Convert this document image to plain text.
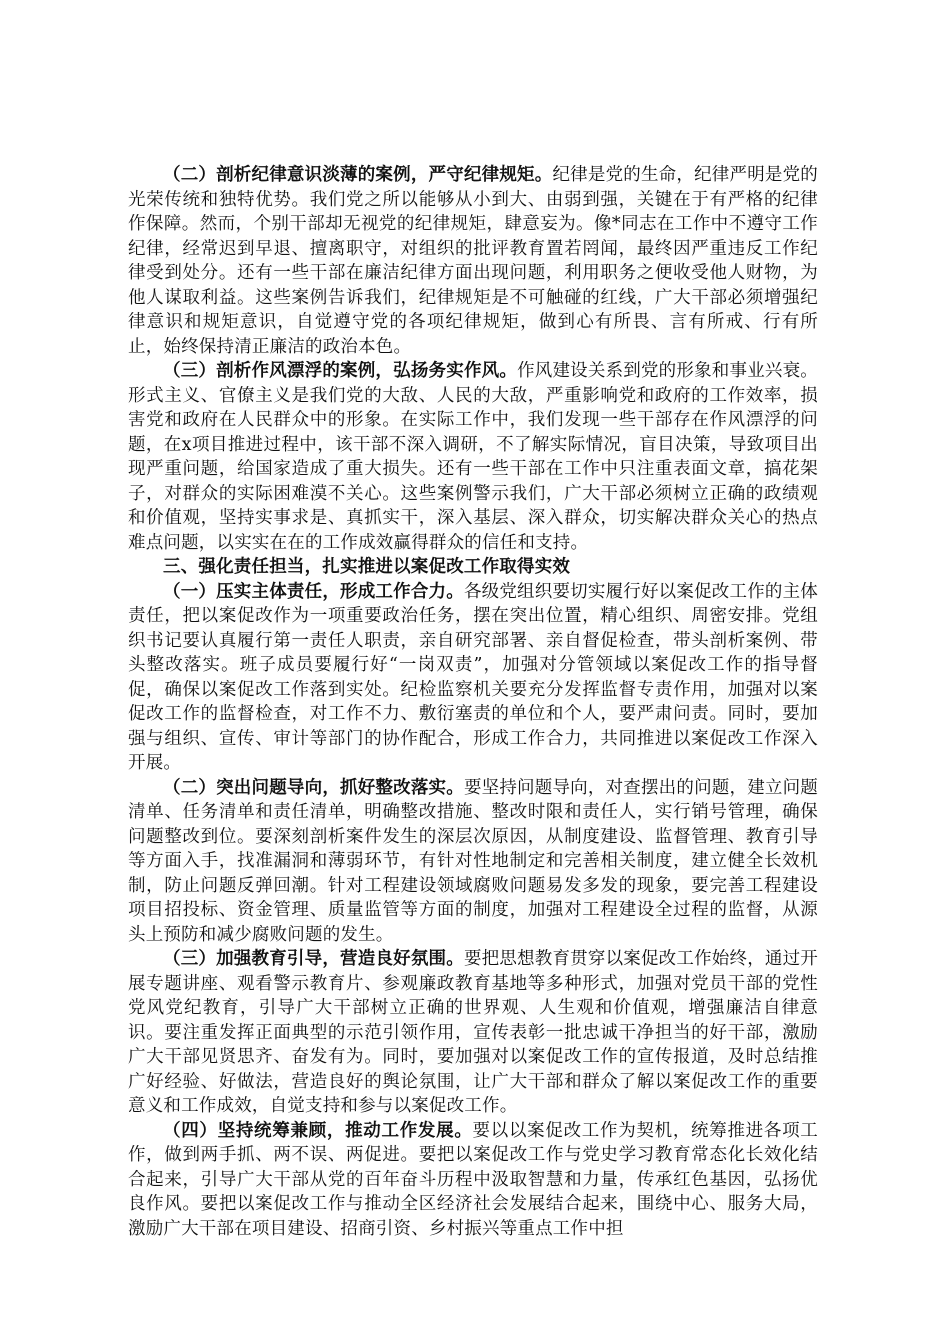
（二）剖析纪律意识淡薄的案例，严守纪律规矩。纪律是党的生命，纪律严明是党的光荣传统和独特优势。我们党之所以能够从小到大、由弱到强，关键在于有严格的纪律作保障。然而，个别干部却无视党的纪律规矩，肆意妄为。像*同志在工作中不遵守工作纪律，经常迟到早退、擅离职守，对组织的批评教育置若罔闻，最终因严重违反工作纪律受到处分。还有一些干部在廉洁纪律方面出现问题，利用职务之便收受他人财物，为他人谋取利益。这些案例告诉我们，纪律规矩是不可触碰的红线，广大干部必须增强纪律意识和规矩意识，自觉遵守党的各项纪律规矩，做到心有所畏、言有所戒、行有所止，始终保持清正廉洁的政治本色。

（三）剖析作风漂浮的案例，弘扬务实作风。作风建设关系到党的形象和事业兴衰。形式主义、官僚主义是我们党的大敌、人民的大敌，严重影响党和政府的工作效率，损害党和政府在人民群众中的形象。在实际工作中，我们发现一些干部存在作风漂浮的问题，在x项目推进过程中，该干部不深入调研，不了解实际情况，盲目决策，导致项目出现严重问题，给国家造成了重大损失。还有一些干部在工作中只注重表面文章，搞花架子，对群众的实际困难漠不关心。这些案例警示我们，广大干部必须树立正确的政绩观和价值观，坚持实事求是、真抓实干，深入基层、深入群众，切实解决群众关心的热点难点问题，以实实在在的工作成效赢得群众的信任和支持。

三、强化责任担当，扎实推进以案促改工作取得实效

（一）压实主体责任，形成工作合力。各级党组织要切实履行好以案促改工作的主体责任，把以案促改作为一项重要政治任务，摆在突出位置，精心组织、周密安排。党组织书记要认真履行第一责任人职责，亲自研究部署、亲自督促检查，带头剖析案例、带头整改落实。班子成员要履行好“一岗双责”，加强对分管领域以案促改工作的指导督促，确保以案促改工作落到实处。纪检监察机关要充分发挥监督专责作用，加强对以案促改工作的监督检查，对工作不力、敷衍塞责的单位和个人，要严肃问责。同时，要加强与组织、宣传、审计等部门的协作配合，形成工作合力，共同推进以案促改工作深入开展。

（二）突出问题导向，抓好整改落实。要坚持问题导向，对查摆出的问题，建立问题清单、任务清单和责任清单，明确整改措施、整改时限和责任人，实行销号管理，确保问题整改到位。要深刻剖析案件发生的深层次原因，从制度建设、监督管理、教育引导等方面入手，找准漏洞和薄弱环节，有针对性地制定和完善相关制度，建立健全长效机制，防止问题反弹回潮。针对工程建设领域腐败问题易发多发的现象，要完善工程建设项目招投标、资金管理、质量监管等方面的制度，加强对工程建设全过程的监督，从源头上预防和减少腐败问题的发生。

（三）加强教育引导，营造良好氛围。要把思想教育贯穿以案促改工作始终，通过开展专题讲座、观看警示教育片、参观廉政教育基地等多种形式，加强对党员干部的党性党风党纪教育，引导广大干部树立正确的世界观、人生观和价值观，增强廉洁自律意识。要注重发挥正面典型的示范引领作用，宣传表彰一批忠诚干净担当的好干部，激励广大干部见贤思齐、奋发有为。同时，要加强对以案促改工作的宣传报道，及时总结推广好经验、好做法，营造良好的舆论氛围，让广大干部和群众了解以案促改工作的重要意义和工作成效，自觉支持和参与以案促改工作。

（四）坚持统筹兼顾，推动工作发展。要以以案促改工作为契机，统筹推进各项工作，做到两手抓、两不误、两促进。要把以案促改工作与党史学习教育常态化长效化结合起来，引导广大干部从党的百年奋斗历程中汲取智慧和力量，传承红色基因，弘扬优良作风。要把以案促改工作与推动全区经济社会发展结合起来，围绕中心、服务大局，激励广大干部在项目建设、招商引资、乡村振兴等重点工作中担
